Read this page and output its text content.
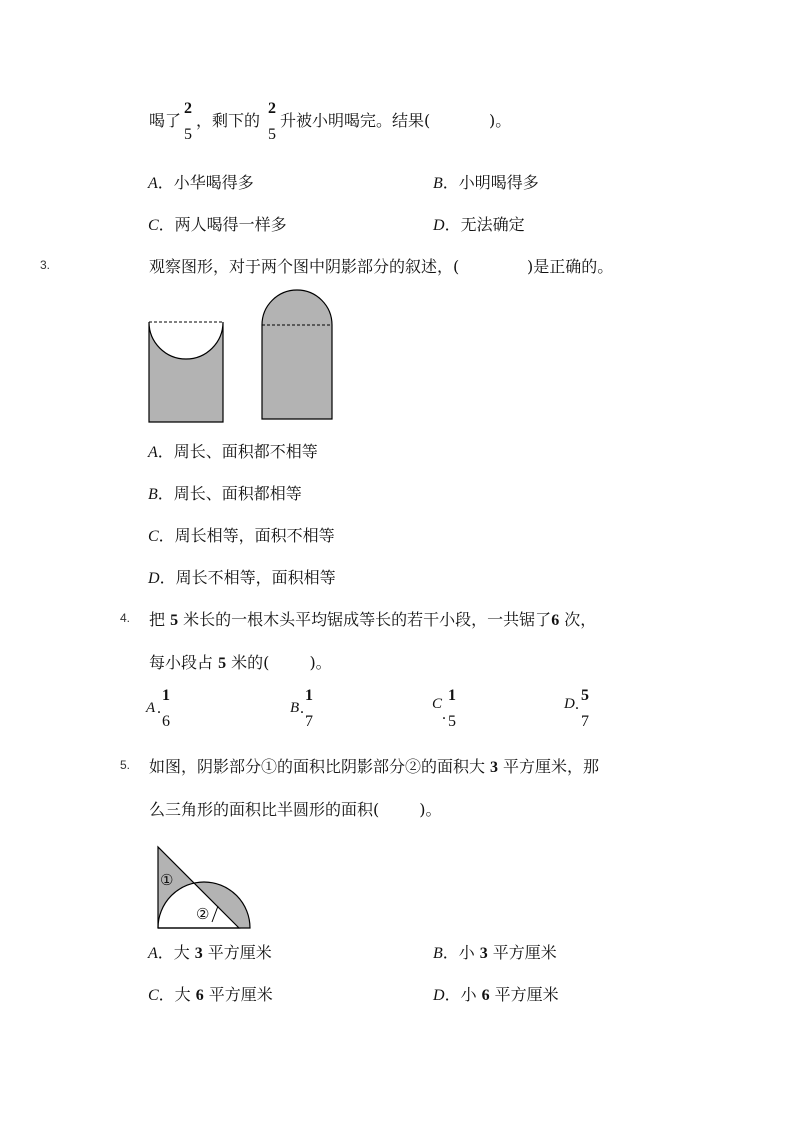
喝了
2
5
，剩下的
2
5
升被小明喝完。结果(	)。
A．小华喝得多	B．小明喝得多
C．两人喝得一样多	D．无法确定
3.	观察图形，对于两个图中阴影部分的叙述，(	)是正确的。
A．周长、面积都不相等
B．周长、面积都相等
C．周长相等，面积不相等
D．周长不相等，面积相等
4. 把 5 米长的一根木头平均锯成等长的若干小段，一共锯了6 次，
每小段占 5 米的(	)。
A .
1
6
B .
1
7
C
.
1
5
D .
5
7
5. 如图，阴影部分①的面积比阴影部分②的面积大 3 平方厘米，那
么三角形的面积比半圆形的面积(	)。
①
②
A．大 3 平方厘米	B．小 3 平方厘米
C．大 6 平方厘米	D．小 6 平方厘米
